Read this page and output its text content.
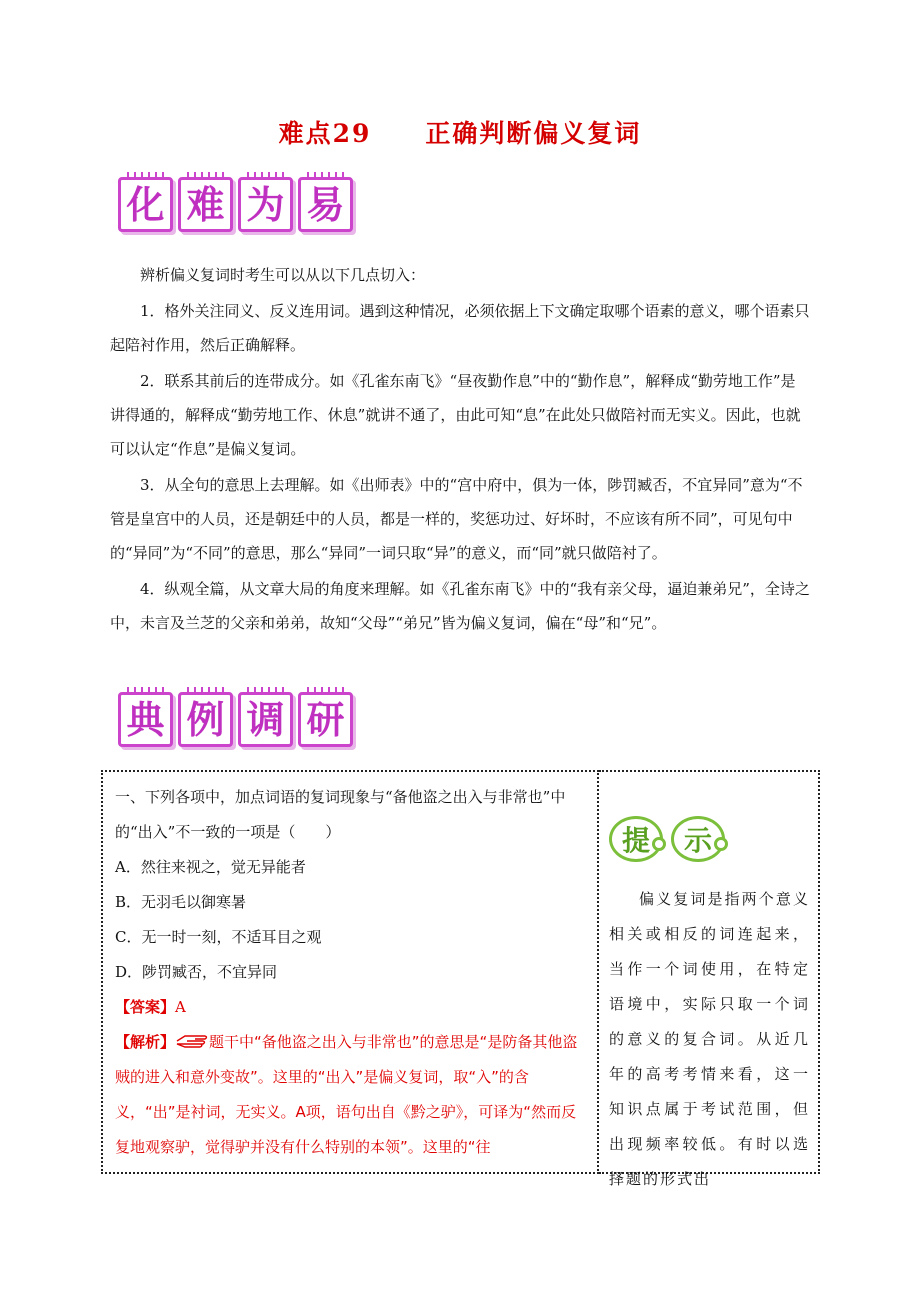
难点29 正确判断偏义复词
化 难 为 易

辨析偏义复词时考生可以从以下几点切入：

1．格外关注同义、反义连用词。遇到这种情况，必须依据上下文确定取哪个语素的意义，哪个语素只起陪衬作用，然后正确解释。

2．联系其前后的连带成分。如《孔雀东南飞》“昼夜勤作息”中的“勤作息”，解释成“勤劳地工作”是讲得通的，解释成“勤劳地工作、休息”就讲不通了，由此可知“息”在此处只做陪衬而无实义。因此，也就可以认定“作息”是偏义复词。

3．从全句的意思上去理解。如《出师表》中的“宫中府中，俱为一体，陟罚臧否，不宜异同”意为“不管是皇宫中的人员，还是朝廷中的人员，都是一样的，奖惩功过、好坏时，不应该有所不同”，可见句中的“异同”为“不同”的意思，那么“异同”一词只取“异”的意义，而“同”就只做陪衬了。

4．纵观全篇，从文章大局的角度来理解。如《孔雀东南飞》中的“我有亲父母，逼迫兼弟兄”，全诗之中，未言及兰芝的父亲和弟弟，故知“父母”“弟兄”皆为偏义复词，偏在“母”和“兄”。

典 例 调 研

一、下列各项中，加点词语的复词现象与“备他盗之出入与非常也”中的“出入”不一致的一项是（　　）

A．然往来视之，觉无异能者

B．无羽毛以御寒暑

C．无一时一刻，不适耳目之观

D．陟罚臧否，不宜异同

【答案】A

【解析】 题干中“备他盗之出入与非常也”的意思是“是防备其他盗贼的进入和意外变故”。这里的“出入”是偏义复词，取“入”的含义，“出”是衬词，无实义。A项，语句出自《黔之驴》，可译为“然而反复地观察驴，觉得驴并没有什么特别的本领”。这里的“往

提 示
偏义复词是指两个意义相关或相反的词连起来，当作一个词使用，在特定语境中，实际只取一个词的意义的复合词。从近几年的高考考情来看，这一知识点属于考试范围，但出现频率较低。有时以选择题的形式出
